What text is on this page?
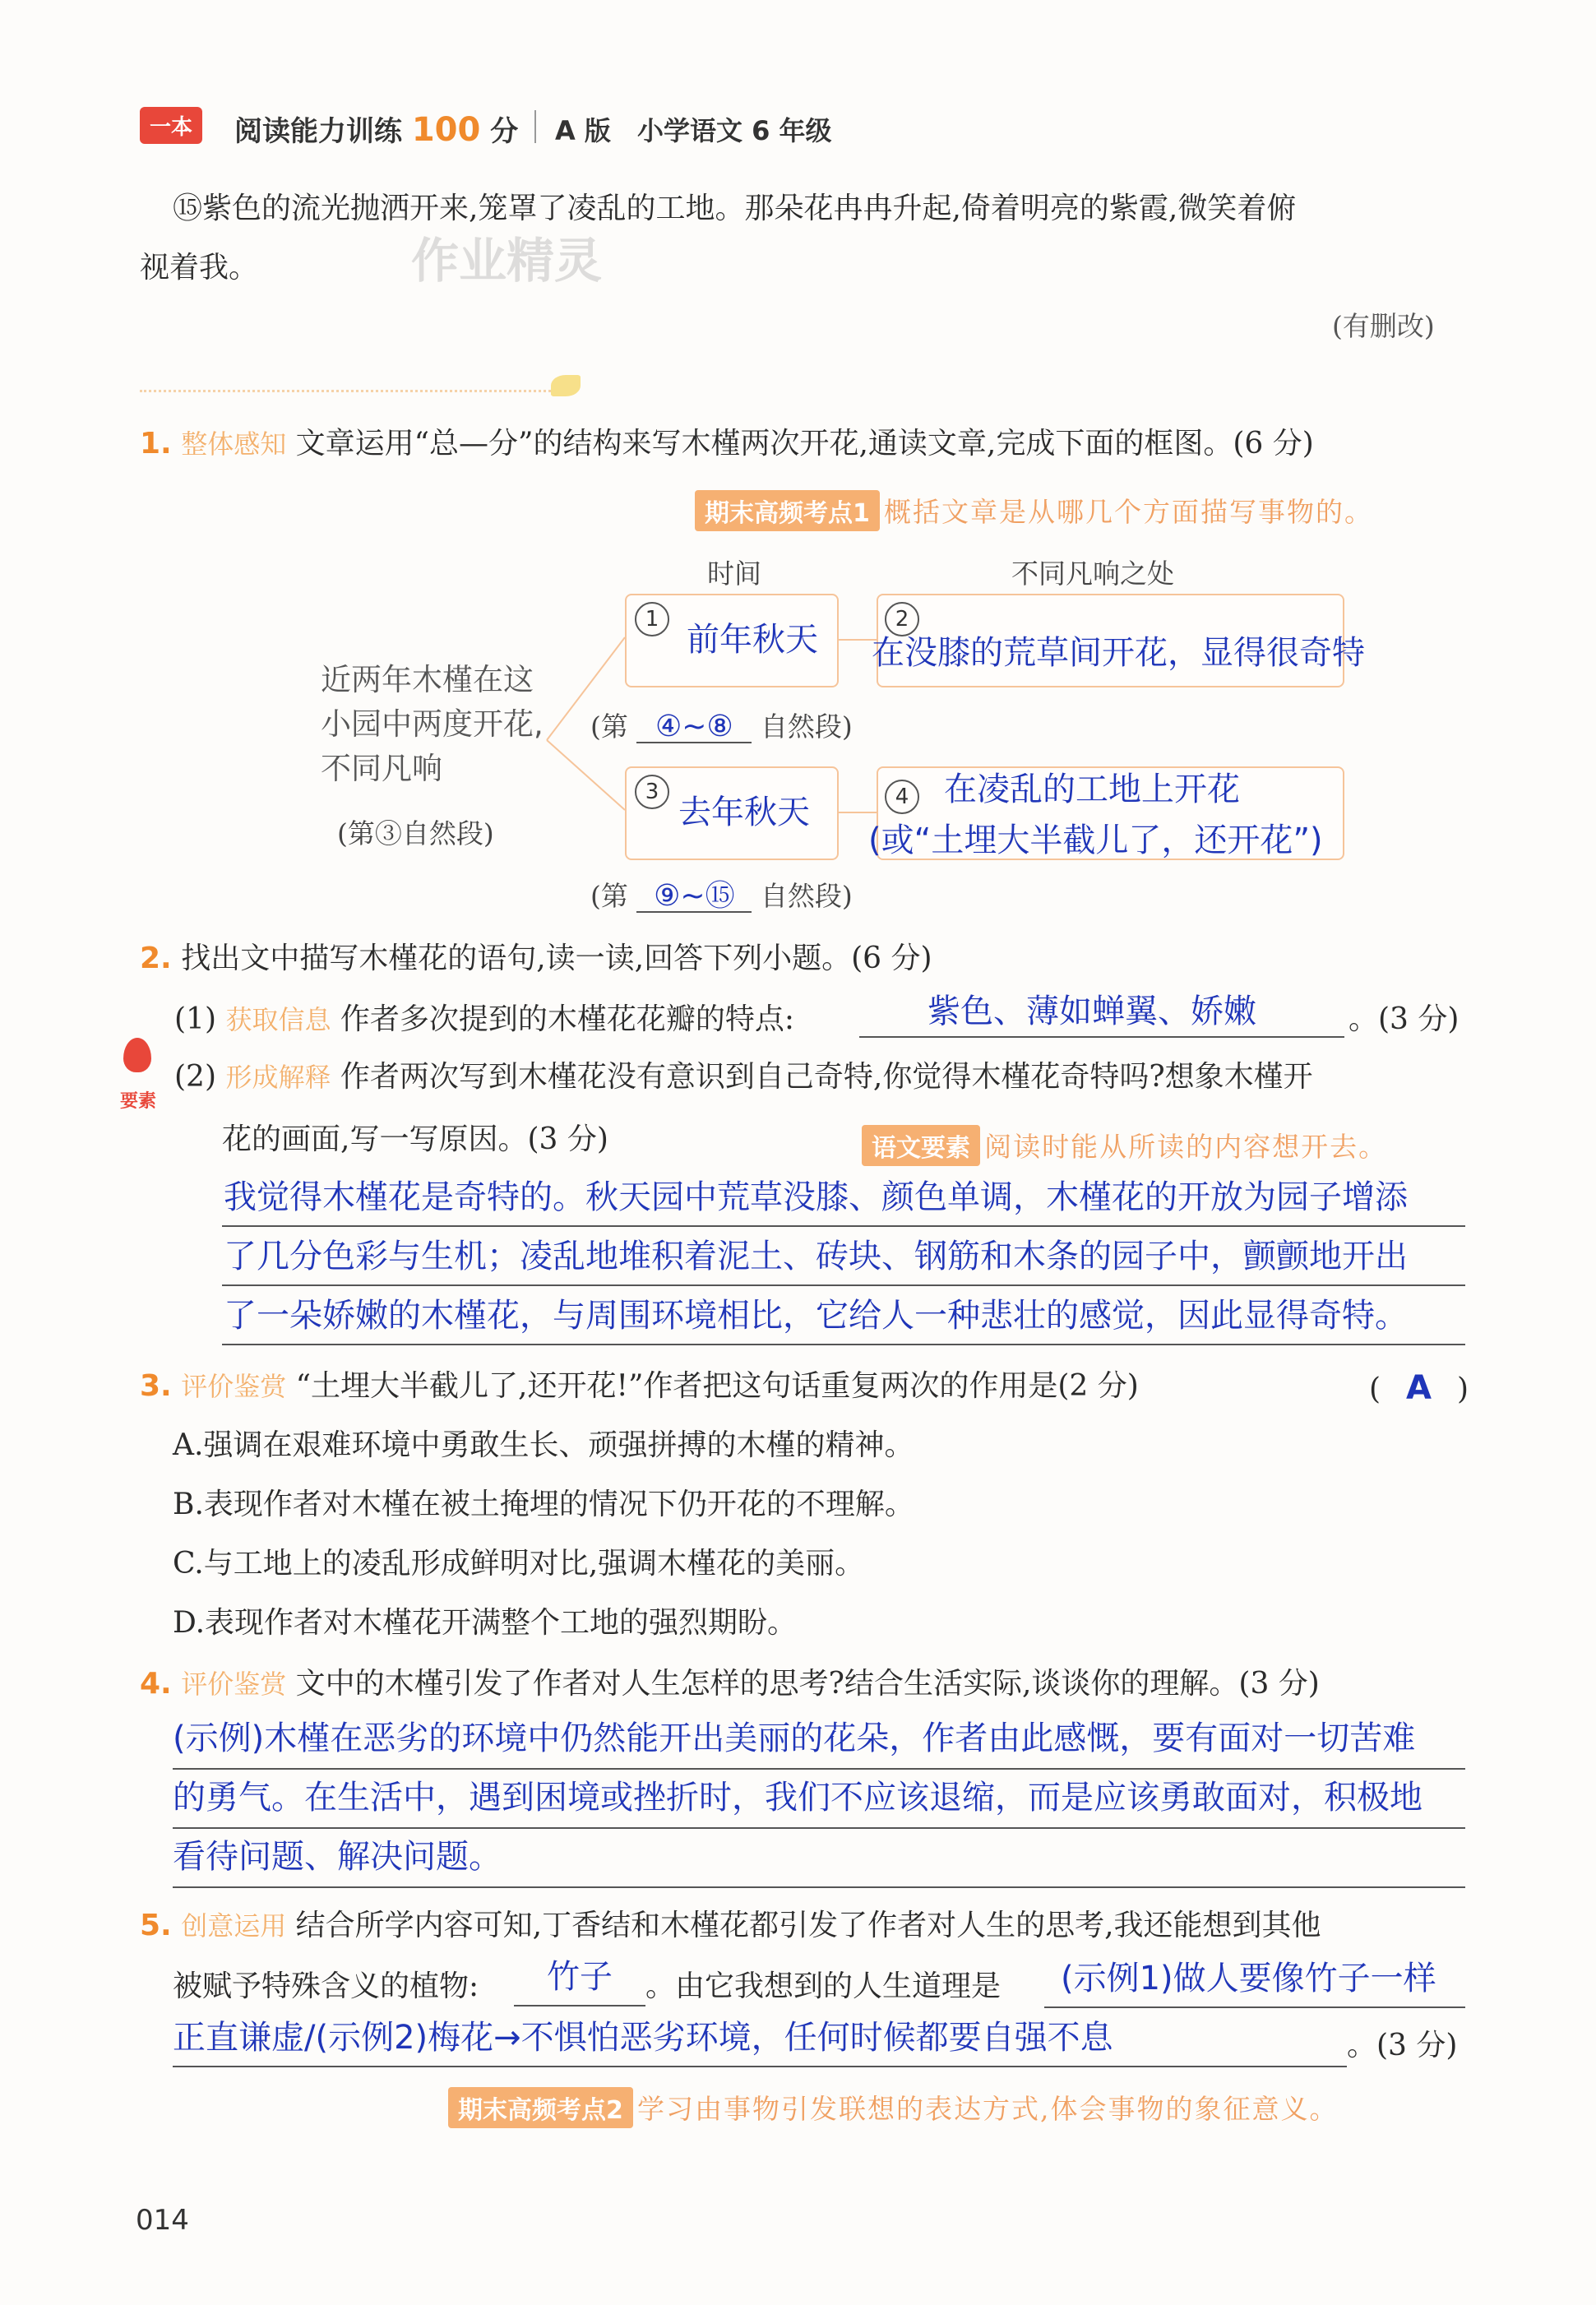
一本	阅读能力训练 100 分 A 版 小学语文 6 年级
⑮紫色的流光抛洒开来,笼罩了凌乱的工地。那朵花冉冉升起,倚着明亮的紫霞,微笑着俯
视着我。	作业精灵
(有删改)
1. 整体感知 文章运用“总—分”的结构来写木槿两次开花,通读文章,完成下面的框图。(6 分)
期末高频考点1 概括文章是从哪几个方面描写事物的。
时间	不同凡响之处
近两年木槿在这
小园中两度开花,
不同凡响
(第③自然段)
1	2
3	4
前年秋天 在没膝的荒草间开花，显得很奇特
去年秋天
在凌乱的工地上开花
(或“土埋大半截儿了，还开花”)
(第 ④~⑧ 自然段)
(第 ⑨~⑮ 自然段)
2. 找出文中描写木槿花的语句,读一读,回答下列小题。(6 分)
(1) 获取信息 作者多次提到的木槿花花瓣的特点:	紫色、薄如蝉翼、娇嫩	。(3 分)
要素
(2) 形成解释 作者两次写到木槿花没有意识到自己奇特,你觉得木槿花奇特吗?想象木槿开
花的画面,写一写原因。(3 分)	语文要素 阅读时能从所读的内容想开去。
我觉得木槿花是奇特的。秋天园中荒草没膝、颜色单调，木槿花的开放为园子增添
了几分色彩与生机；凌乱地堆积着泥土、砖块、钢筋和木条的园子中，颤颤地开出
了一朵娇嫩的木槿花，与周围环境相比，它给人一种悲壮的感觉，因此显得奇特。
3. 评价鉴赏 “土埋大半截儿了,还开花!”作者把这句话重复两次的作用是(2 分)	( A )
A.强调在艰难环境中勇敢生长、顽强拼搏的木槿的精神。
B.表现作者对木槿在被土掩埋的情况下仍开花的不理解。
C.与工地上的凌乱形成鲜明对比,强调木槿花的美丽。
D.表现作者对木槿花开满整个工地的强烈期盼。
4. 评价鉴赏 文中的木槿引发了作者对人生怎样的思考?结合生活实际,谈谈你的理解。(3 分)
(示例)木槿在恶劣的环境中仍然能开出美丽的花朵，作者由此感慨，要有面对一切苦难
的勇气。在生活中，遇到困境或挫折时，我们不应该退缩，而是应该勇敢面对，积极地
看待问题、解决问题。
5. 创意运用 结合所学内容可知,丁香结和木槿花都引发了作者对人生的思考,我还能想到其他
被赋予特殊含义的植物: 竹子 。由它我想到的人生道理是 (示例1)做人要像竹子一样
正直谦虚/(示例2)梅花→不惧怕恶劣环境，任何时候都要自强不息	。(3 分)
期末高频考点2 学习由事物引发联想的表达方式,体会事物的象征意义。
014
